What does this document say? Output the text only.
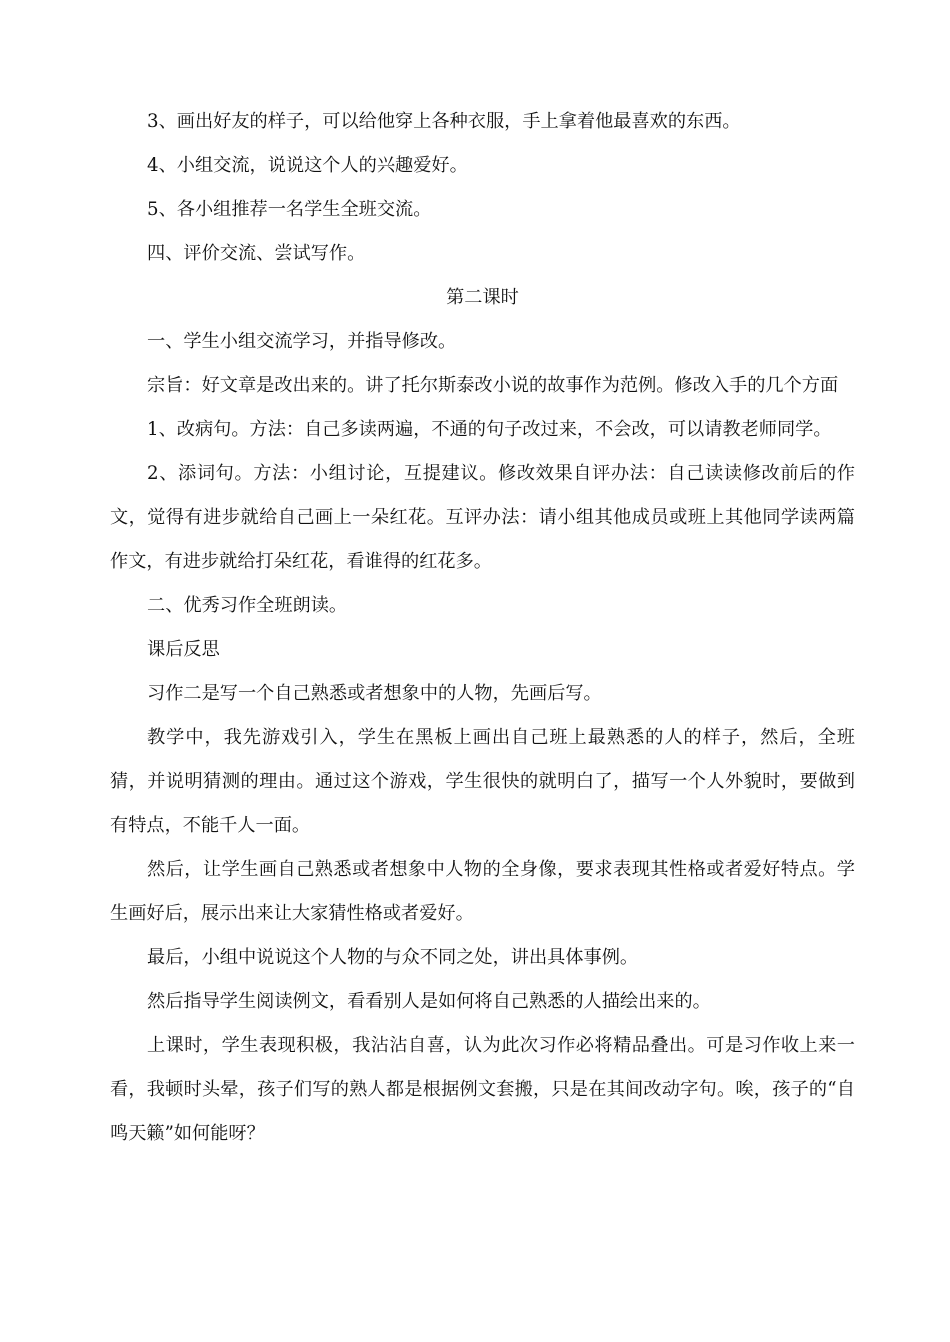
3、画出好友的样子，可以给他穿上各种衣服，手上拿着他最喜欢的东西。

4、小组交流，说说这个人的兴趣爱好。

5、各小组推荐一名学生全班交流。

四、评价交流、尝试写作。

第二课时

一、学生小组交流学习，并指导修改。

宗旨：好文章是改出来的。讲了托尔斯泰改小说的故事作为范例。修改入手的几个方面

1、改病句。方法：自己多读两遍，不通的句子改过来，不会改，可以请教老师同学。

2、添词句。方法：小组讨论，互提建议。修改效果自评办法：自己读读修改前后的作文，觉得有进步就给自己画上一朵红花。互评办法：请小组其他成员或班上其他同学读两篇作文，有进步就给打朵红花，看谁得的红花多。

二、优秀习作全班朗读。

课后反思

习作二是写一个自己熟悉或者想象中的人物，先画后写。

教学中，我先游戏引入，学生在黑板上画出自己班上最熟悉的人的样子，然后，全班猜，并说明猜测的理由。通过这个游戏，学生很快的就明白了，描写一个人外貌时，要做到有特点，不能千人一面。

然后，让学生画自己熟悉或者想象中人物的全身像，要求表现其性格或者爱好特点。学生画好后，展示出来让大家猜性格或者爱好。

最后，小组中说说这个人物的与众不同之处，讲出具体事例。

然后指导学生阅读例文，看看别人是如何将自己熟悉的人描绘出来的。

上课时，学生表现积极，我沾沾自喜，认为此次习作必将精品叠出。可是习作收上来一看，我顿时头晕，孩子们写的熟人都是根据例文套搬，只是在其间改动字句。唉，孩子的“自鸣天籁”如何能呀？
